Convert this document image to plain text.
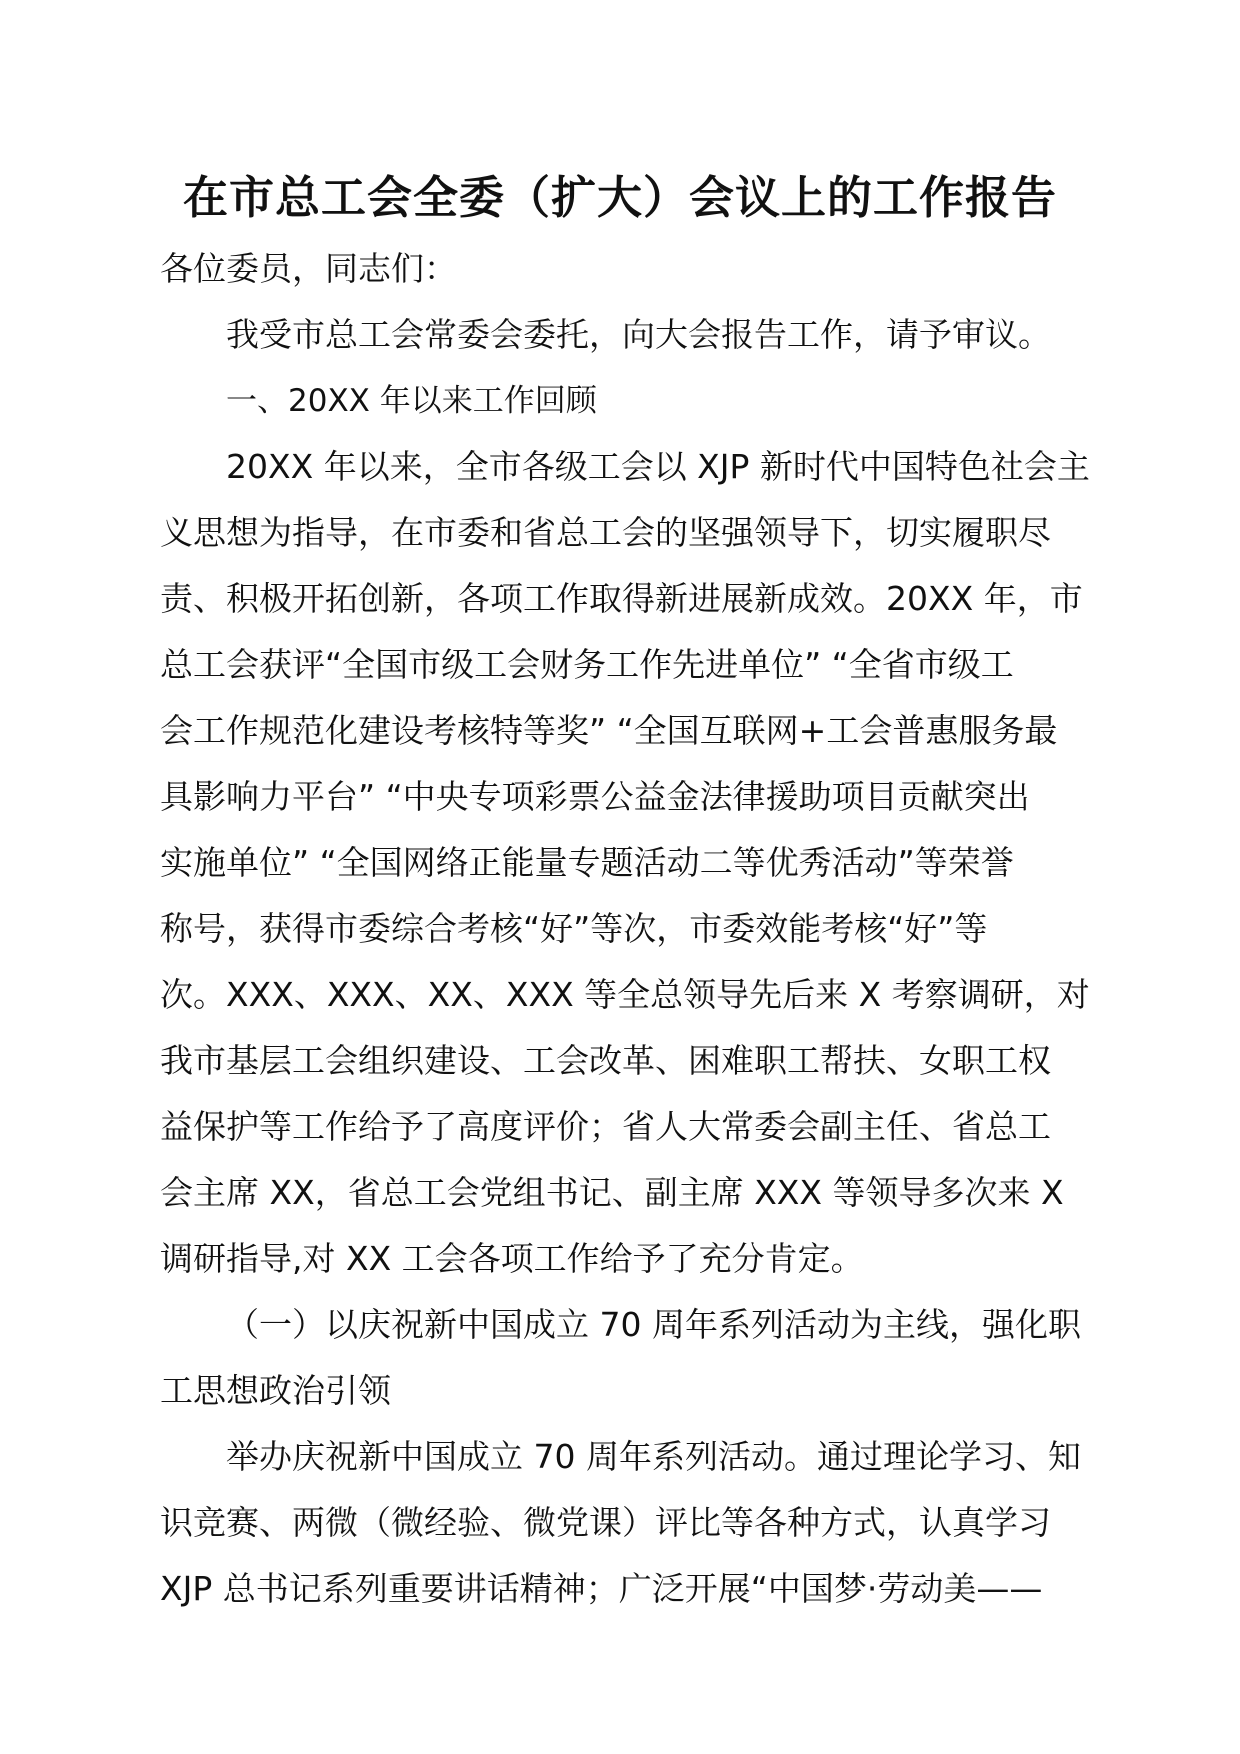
在市总工会全委（扩大）会议上的工作报告

各位委员，同志们：

我受市总工会常委会委托，向大会报告工作，请予审议。

一、20XX 年以来工作回顾

20XX 年以来，全市各级工会以 XJP 新时代中国特色社会主
义思想为指导，在市委和省总工会的坚强领导下，切实履职尽
责、积极开拓创新，各项工作取得新进展新成效。20XX 年，市
总工会获评“全国市级工会财务工作先进单位” “全省市级工
会工作规范化建设考核特等奖” “全国互联网+工会普惠服务最
具影响力平台” “中央专项彩票公益金法律援助项目贡献突出
实施单位” “全国网络正能量专题活动二等优秀活动”等荣誉
称号，获得市委综合考核“好”等次，市委效能考核“好”等
次。XXX、XXX、XX、XXX 等全总领导先后来 X 考察调研，对
我市基层工会组织建设、工会改革、困难职工帮扶、女职工权
益保护等工作给予了高度评价；省人大常委会副主任、省总工
会主席 XX，省总工会党组书记、副主席 XXX 等领导多次来 X
调研指导,对 XX 工会各项工作给予了充分肯定。

（一）以庆祝新中国成立 70 周年系列活动为主线，强化职
工思想政治引领

举办庆祝新中国成立 70 周年系列活动。通过理论学习、知
识竞赛、两微（微经验、微党课）评比等各种方式，认真学习
XJP 总书记系列重要讲话精神；广泛开展“中国梦·劳动美——
